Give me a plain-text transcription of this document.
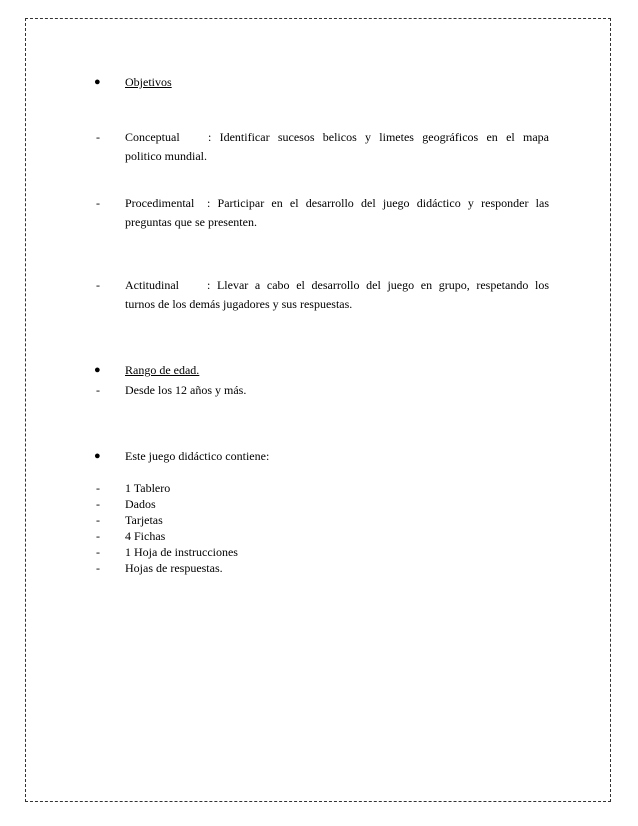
● Objetivos
- Conceptual : Identificar sucesos belicos y limetes geográficos en el mapa
politico mundial.
- Procedimental : Participar en el desarrollo del juego didáctico y responder las
preguntas que se presenten.
- Actitudinal : Llevar a cabo el desarrollo del juego en grupo, respetando los
turnos de los demás jugadores y sus respuestas.
● Rango de edad.
- Desde los 12 años y más.
● Este juego didáctico contiene:
- 1 Tablero
- Dados
- Tarjetas
- 4 Fichas
- 1 Hoja de instrucciones
- Hojas de respuestas.
